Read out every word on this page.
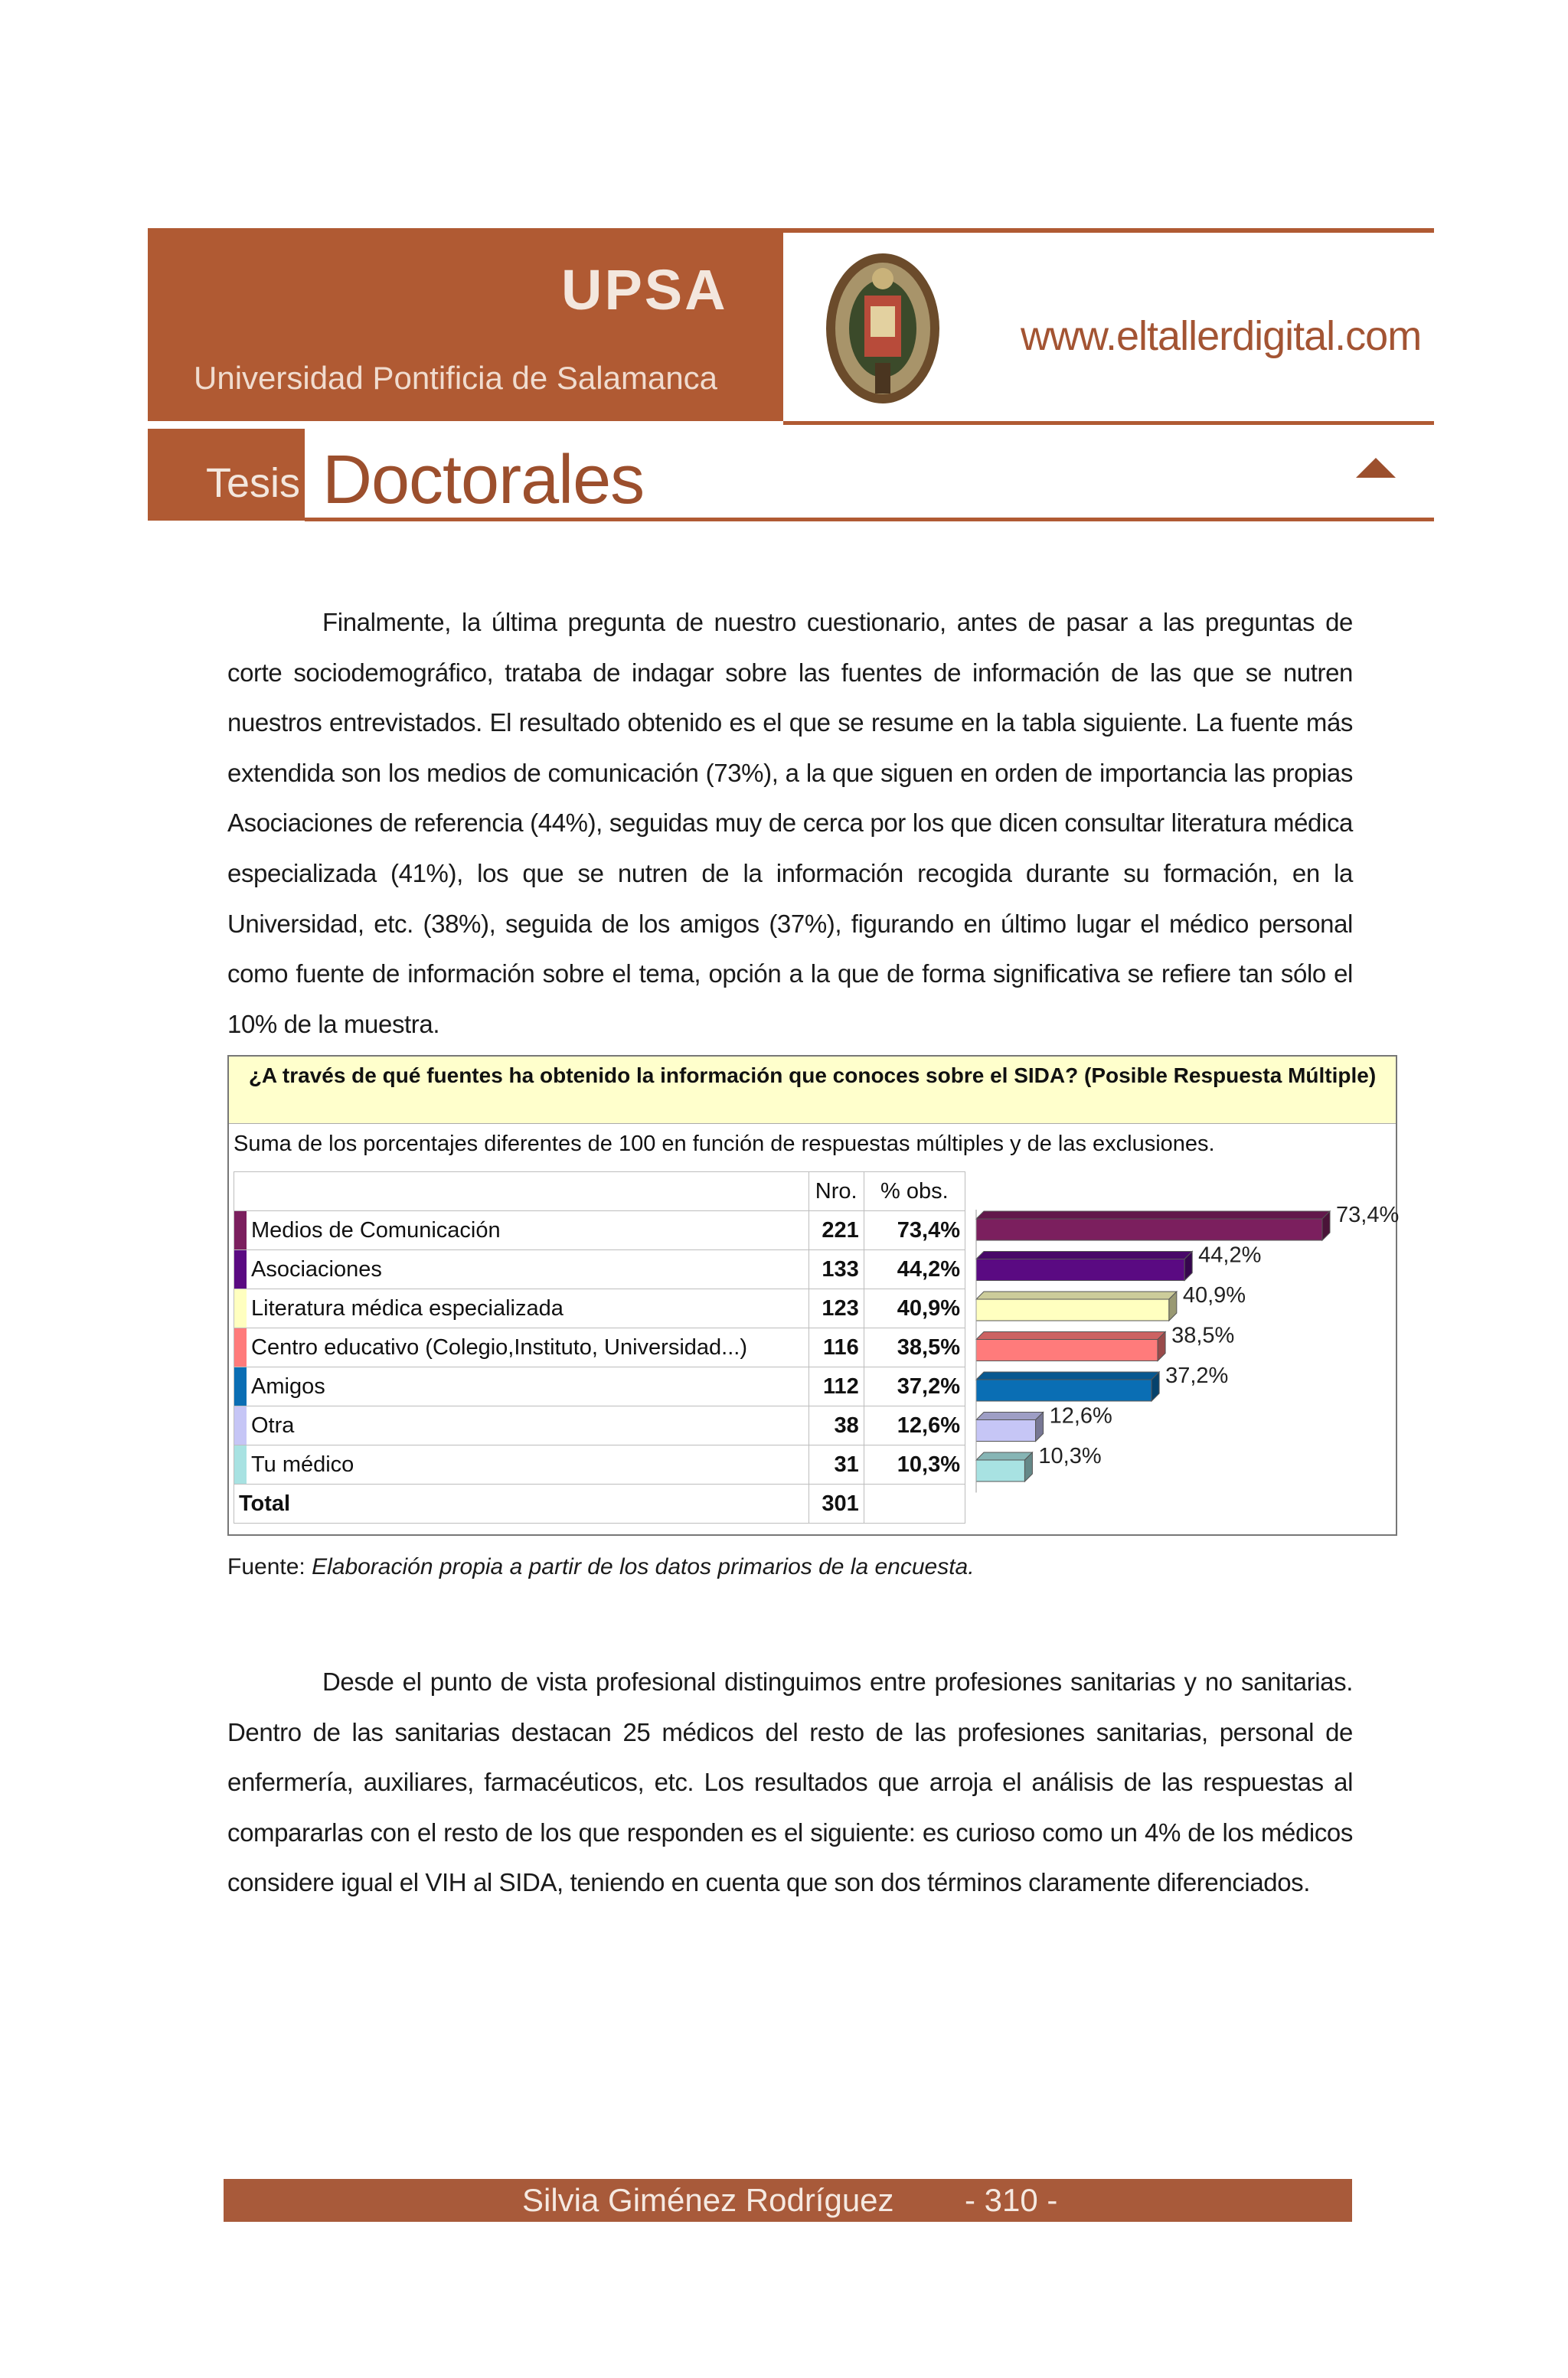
UPSA
Universidad Pontificia de Salamanca
www.eltallerdigital.com
Tesis Doctorales
Finalmente, la última pregunta de nuestro cuestionario, antes de pasar a las preguntas de corte sociodemográfico, trataba de indagar sobre las fuentes de información de las que se nutren nuestros entrevistados. El resultado obtenido es el que se resume en la tabla siguiente. La fuente más extendida son los medios de comunicación (73%), a la que siguen en orden de importancia las propias Asociaciones de referencia (44%), seguidas muy de cerca por los que dicen consultar literatura médica especializada (41%), los que se nutren de la información recogida durante su formación, en la Universidad, etc. (38%), seguida de los amigos (37%), figurando en último lugar el médico personal como fuente de información sobre el tema, opción a la que de forma significativa se refiere tan sólo el 10% de la muestra.
¿A través de qué fuentes ha obtenido la información que conoces sobre el SIDA? (Posible Respuesta Múltiple)
Suma de los porcentajes diferentes de 100 en función de respuestas múltiples y de las exclusiones.
	Nro.	% obs.

Medios de Comunicación	221	73,4%

Asociaciones	133	44,2%

Literatura médica especializada	123	40,9%

Centro educativo (Colegio,Instituto, Universidad...)	116	38,5%

Amigos	112	37,2%

Otra	38	12,6%

Tu médico	31	10,3%
Total	301	
73,4%
44,2%
40,9%
38,5%
37,2%
12,6%
10,3%
Fuente: Elaboración propia a partir de los datos primarios de la encuesta.
Desde el punto de vista profesional distinguimos entre profesiones sanitarias y no sanitarias. Dentro de las sanitarias destacan 25 médicos del resto de las profesiones sanitarias, personal de enfermería, auxiliares, farmacéuticos, etc. Los resultados que arroja el análisis de las respuestas al compararlas con el resto de los que responden es el siguiente: es curioso como un 4% de los médicos considere igual el VIH al SIDA, teniendo en cuenta que son dos términos claramente diferenciados.
Silvia Giménez Rodríguez - 310 -
